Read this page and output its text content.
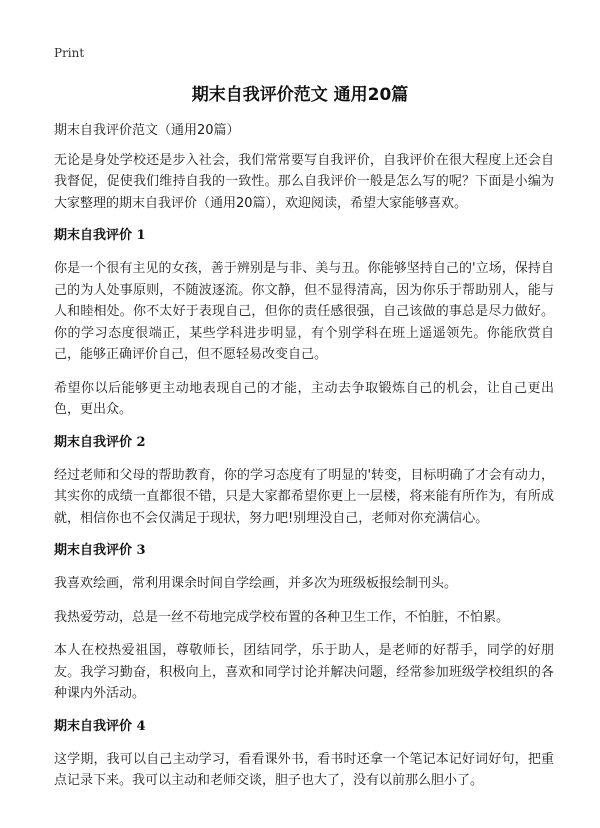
Print
期末自我评价范文 通用20篇

期末自我评价范文（通用20篇）

无论是身处学校还是步入社会，我们常常要写自我评价，自我评价在很大程度上还会自我督促，促使我们维持自我的一致性。那么自我评价一般是怎么写的呢？下面是小编为大家整理的期末自我评价（通用20篇），欢迎阅读，希望大家能够喜欢。

期末自我评价 1

你是一个很有主见的女孩，善于辨别是与非、美与丑。你能够坚持自己的'立场，保持自己的为人处事原则，不随波逐流。你文静，但不显得清高，因为你乐于帮助别人，能与人和睦相处。你不太好于表现自己，但你的责任感很强，自己该做的事总是尽力做好。你的学习态度很端正，某些学科进步明显，有个别学科在班上遥遥领先。你能欣赏自己，能够正确评价自己，但不愿轻易改变自己。

希望你以后能够更主动地表现自己的才能，主动去争取锻炼自己的机会，让自己更出色，更出众。

期末自我评价 2

经过老师和父母的帮助教育，你的学习态度有了明显的'转变，目标明确了才会有动力，其实你的成绩一直都很不错，只是大家都希望你更上一层楼，将来能有所作为，有所成就，相信你也不会仅满足于现状，努力吧!别埋没自己，老师对你充满信心。

期末自我评价 3

我喜欢绘画，常利用课余时间自学绘画，并多次为班级板报绘制刊头。

我热爱劳动，总是一丝不苟地完成学校布置的各种卫生工作，不怕脏，不怕累。

本人在校热爱祖国，尊敬师长，团结同学，乐于助人，是老师的好帮手，同学的好朋友。我学习勤奋，积极向上，喜欢和同学讨论并解决问题，经常参加班级学校组织的各种课内外活动。

期末自我评价 4

这学期，我可以自己主动学习，看看课外书，看书时还拿一个笔记本记好词好句，把重点记录下来。我可以主动和老师交谈，胆子也大了，没有以前那么胆小了。
